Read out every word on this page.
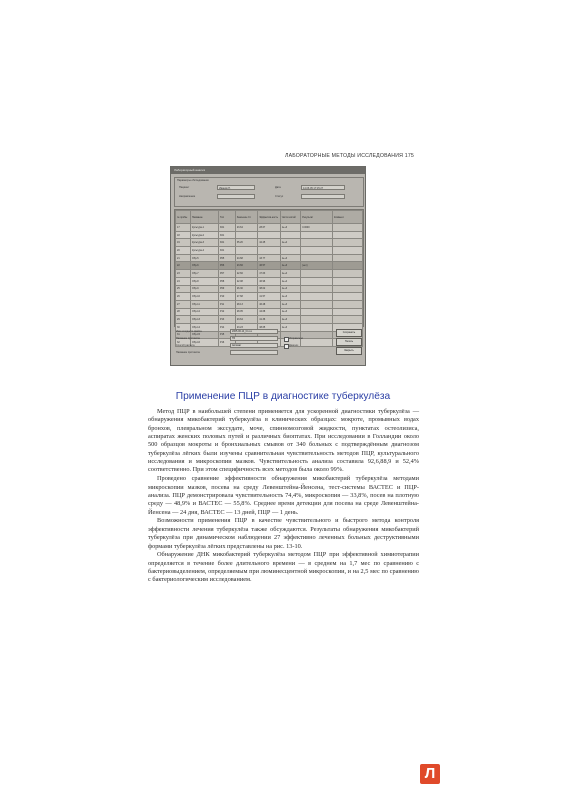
ЛАБОРАТОРНЫЕ МЕТОДЫ ИССЛЕДОВАНИЯ 175
Лабораторный анализ
Параметры обследования
Пациент	Иванов П.
Направление
Дата	14.06.05 17:15:27
Статус
№ пробы	Название	Тип	Значение Ct	Эффектив-ность	Число копий	Результат	Коммент.
17	Культура-1	K01	23.64	28.67	1e+3	0.0000	
18	Культура-2	K01					
19	Культура-3	K01	35.20	42.25	1e+4		
20	Культура-4	K01					
21	Обр-5	P05	24.68	43.77	1e+3		
22	Обр-6	P06	23.66	46.57	1e+3	(нет)	
23	Обр-7	P07	22.66	47.63	1e+4		
24	Обр-8	P08	22.08	46.96	1e+4		
25	Обр-9	P09	26.30	38.02	1e+3		
26	Обр-10	P10	27.68	41.57	1e+3		
27	Обр-11	P11	28.13	46.28	1e+3		
28	Обр-12	P12	28.05	44.68	1e+3		
29	Обр-13	P13	23.64	41.36	1e+3		
30	Обр-14	P14	23.23	38.65	1e+3		
31	Обр-15	P15					
32	Обр-16	P16					
Имя исходного файла	2005-06-14_Ct.rex
Название протокола	ТБ
Способ расчета	Автомат
Название протокола
Исправлено
Диагноз
Сохранить
Печать
Закрыть
Применение ПЦР в диагностике туберкулёза

Метод ПЦР в наибольшей степени применяется для ускоренной диагностики туберкулёза — обнаружения микобактерий туберкулёза в клинических образцах: мокроте, промывных водах бронхов, плевральном экссудате, моче, спинномозговой жидкости, пунктатах остеолизиса, аспиратах женских половых путей и различных биоптатах. При исследовании в Голландии около 500 образцов мокроты и бронхиальных смывов от 340 больных с подтверждённым диагнозом туберкулёза лёгких были изучены сравнительная чувствительность методов ПЦР, культурального исследования и микроскопии мазков. Чувствительность анализа составила 92,6,88,9 и 52,4% соответственно. При этом специфичность всех методов была около 99%.

Проведено сравнение эффективности обнаружения микобактерий туберкулёза методами микроскопии мазков, посева на среду Левенштейна-Йенсена, тест-системы ВАСТЕС и ПЦР-анализа. ПЦР демонстрировала чувствительность 74,4%, микроскопия — 33,8%, посев на плотную среду — 48,9% и ВАСТЕС — 55,8%. Среднее время детекции для посева на среде Левенштейна-Йенсена — 24 дня, ВАСТЕС — 13 дней, ПЦР — 1 день.

Возможности применения ПЦР в качестве чувствительного и быстрого метода контроля эффективности лечения туберкулёза также обсуждаются. Результаты обнаружения микобактерий туберкулёза при динамическом наблюдении 27 эффективно леченных больных деструктивными формами туберкулёза лёгких представлены на рис. 13-10.

Обнаружение ДНК микобактерий туберкулёза методом ПЦР при эффективной химиотерапии определяется в течение более длительного времени — в среднем на 1,7 мес по сравнению с бактериовыделением, определяемым при люминесцентной микроскопии, и на 2,5 мес по сравнению с бактериологическим исследованием.

Л
